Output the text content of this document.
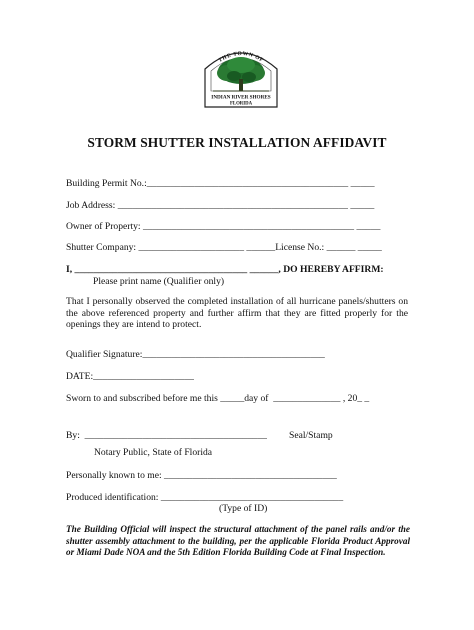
THE TOWN OF
INDIAN RIVER SHORES
FLORIDA
STORM SHUTTER INSTALLATION AFFIDAVIT
Building Permit No.:__________________________________________ _____
Job Address: ________________________________________________ _____
Owner of Property: ____________________________________________ _____
Shutter Company: ______________________ ______License No.: ______ _____
I, ____________________________________ ______, DO HEREBY AFFIRM:
Please print name (Qualifier only)
That I personally observed the completed installation of all hurricane panels/shutters on the above referenced property and further affirm that they are fitted properly for the openings they are intend to protect.
Qualifier Signature:______________________________________
DATE:_____________________
Sworn to and subscribed before me this _____day of  ______________ , 20_ _
By:  ______________________________________ Seal/Stamp
Notary Public, State of Florida
Personally known to me: ____________________________________
Produced identification: ______________________________________
(Type of ID)
The Building Official will inspect the structural attachment of the panel rails and/or the shutter assembly attachment to the building, per the applicable Florida Product Approval or Miami Dade NOA and the 5th Edition Florida Building Code at Final Inspection.
